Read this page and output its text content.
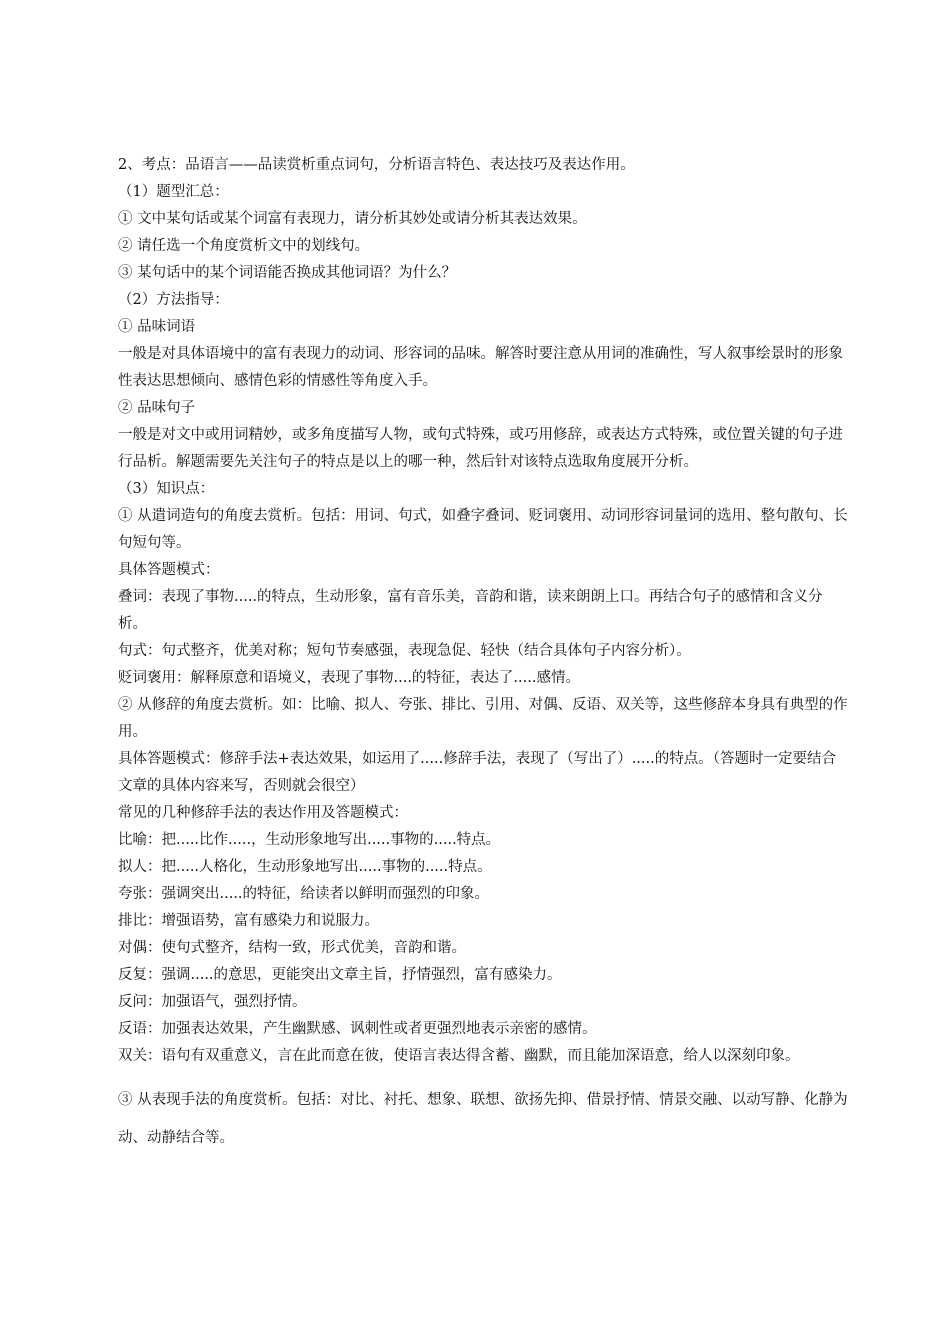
2、考点：品语言——品读赏析重点词句，分析语言特色、表达技巧及表达作用。

（1）题型汇总：

① 文中某句话或某个词富有表现力，请分析其妙处或请分析其表达效果。

② 请任选一个角度赏析文中的划线句。

③ 某句话中的某个词语能否换成其他词语？为什么？

（2）方法指导：

① 品味词语

一般是对具体语境中的富有表现力的动词、形容词的品味。解答时要注意从用词的准确性，写人叙事绘景时的形象性表达思想倾向、感情色彩的情感性等角度入手。

② 品味句子

一般是对文中或用词精妙，或多角度描写人物，或句式特殊，或巧用修辞，或表达方式特殊，或位置关键的句子进行品析。解题需要先关注句子的特点是以上的哪一种，然后针对该特点选取角度展开分析。

（3）知识点：

① 从遣词造句的角度去赏析。包括：用词、句式，如叠字叠词、贬词褒用、动词形容词量词的选用、整句散句、长句短句等。

具体答题模式：

叠词：表现了事物.....的特点，生动形象，富有音乐美，音韵和谐，读来朗朗上口。再结合句子的感情和含义分析。

句式：句式整齐，优美对称；短句节奏感强，表现急促、轻快（结合具体句子内容分析）。

贬词褒用：解释原意和语境义，表现了事物....的特征，表达了.....感情。

② 从修辞的角度去赏析。如：比喻、拟人、夸张、排比、引用、对偶、反语、双关等，这些修辞本身具有典型的作用。

具体答题模式：修辞手法+表达效果，如运用了.....修辞手法，表现了（写出了）.....的特点。（答题时一定要结合文章的具体内容来写，否则就会很空）

常见的几种修辞手法的表达作用及答题模式：

比喻：把.....比作.....，生动形象地写出.....事物的.....特点。

拟人：把.....人格化，生动形象地写出.....事物的.....特点。

夸张：强调突出.....的特征，给读者以鲜明而强烈的印象。

排比：增强语势，富有感染力和说服力。

对偶：使句式整齐，结构一致，形式优美，音韵和谐。

反复：强调.....的意思，更能突出文章主旨，抒情强烈，富有感染力。

反问：加强语气，强烈抒情。

反语：加强表达效果，产生幽默感、讽刺性或者更强烈地表示亲密的感情。

双关：语句有双重意义，言在此而意在彼，使语言表达得含蓄、幽默，而且能加深语意，给人以深刻印象。

③ 从表现手法的角度赏析。包括：对比、衬托、想象、联想、欲扬先抑、借景抒情、情景交融、以动写静、化静为动、动静结合等。
